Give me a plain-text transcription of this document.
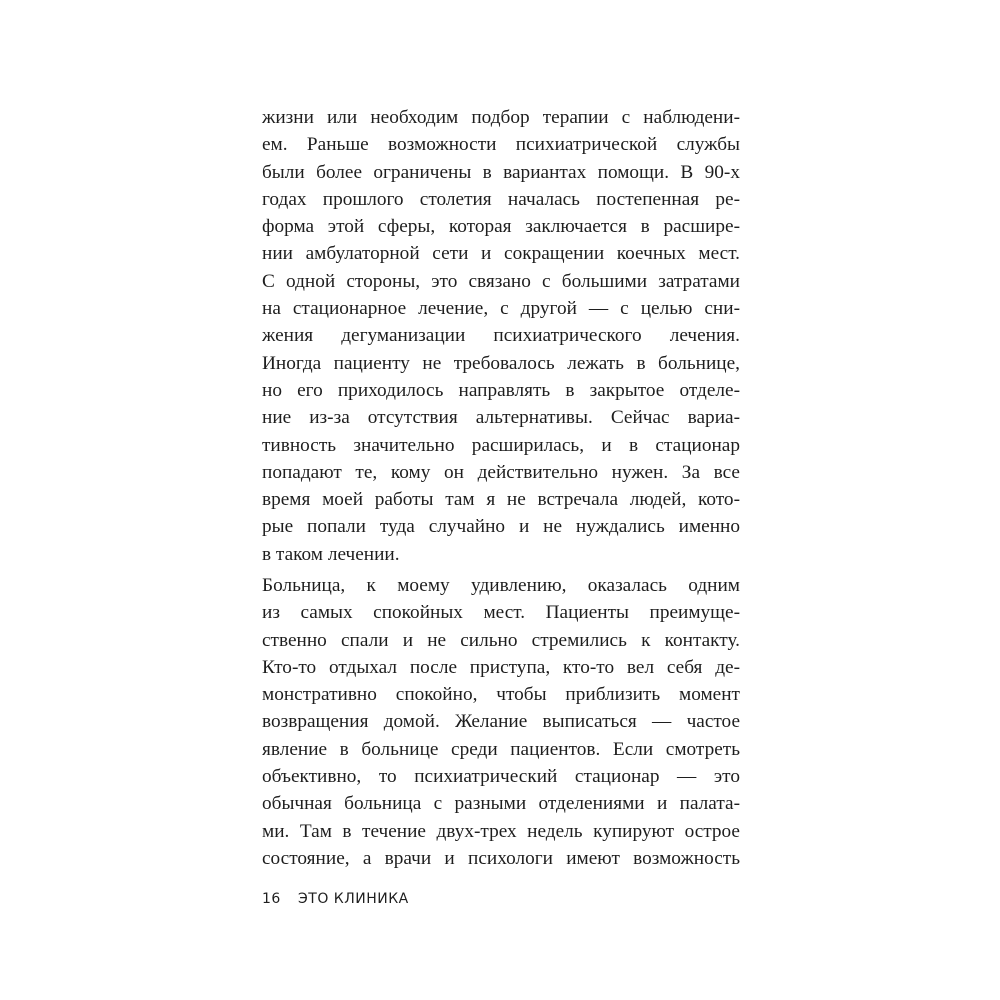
жизни или необходим подбор терапии с наблюдени-
ем. Раньше возможности психиатрической службы
были более ограничены в вариантах помощи. В 90-х
годах прошлого столетия началась постепенная ре-
форма этой сферы, которая заключается в расшире-
нии амбулаторной сети и сокращении коечных мест.
С одной стороны, это связано с большими затратами
на стационарное лечение, с другой — с целью сни-
жения дегуманизации психиатрического лечения.
Иногда пациенту не требовалось лежать в больнице,
но его приходилось направлять в закрытое отделе-
ние из-за отсутствия альтернативы. Сейчас вариа-
тивность значительно расширилась, и в стационар
попадают те, кому он действительно нужен. За все
время моей работы там я не встречала людей, кото-
рые попали туда случайно и не нуждались именно
в таком лечении.
Больница, к моему удивлению, оказалась одним
из самых спокойных мест. Пациенты преимуще-
ственно спали и не сильно стремились к контакту.
Кто-то отдыхал после приступа, кто-то вел себя де-
монстративно спокойно, чтобы приблизить момент
возвращения домой. Желание выписаться — частое
явление в больнице среди пациентов. Если смотреть
объективно, то психиатрический стационар — это
обычная больница с разными отделениями и палата-
ми. Там в течение двух-трех недель купируют острое
состояние, а врачи и психологи имеют возможность
16 ЭТО КЛИНИКА
